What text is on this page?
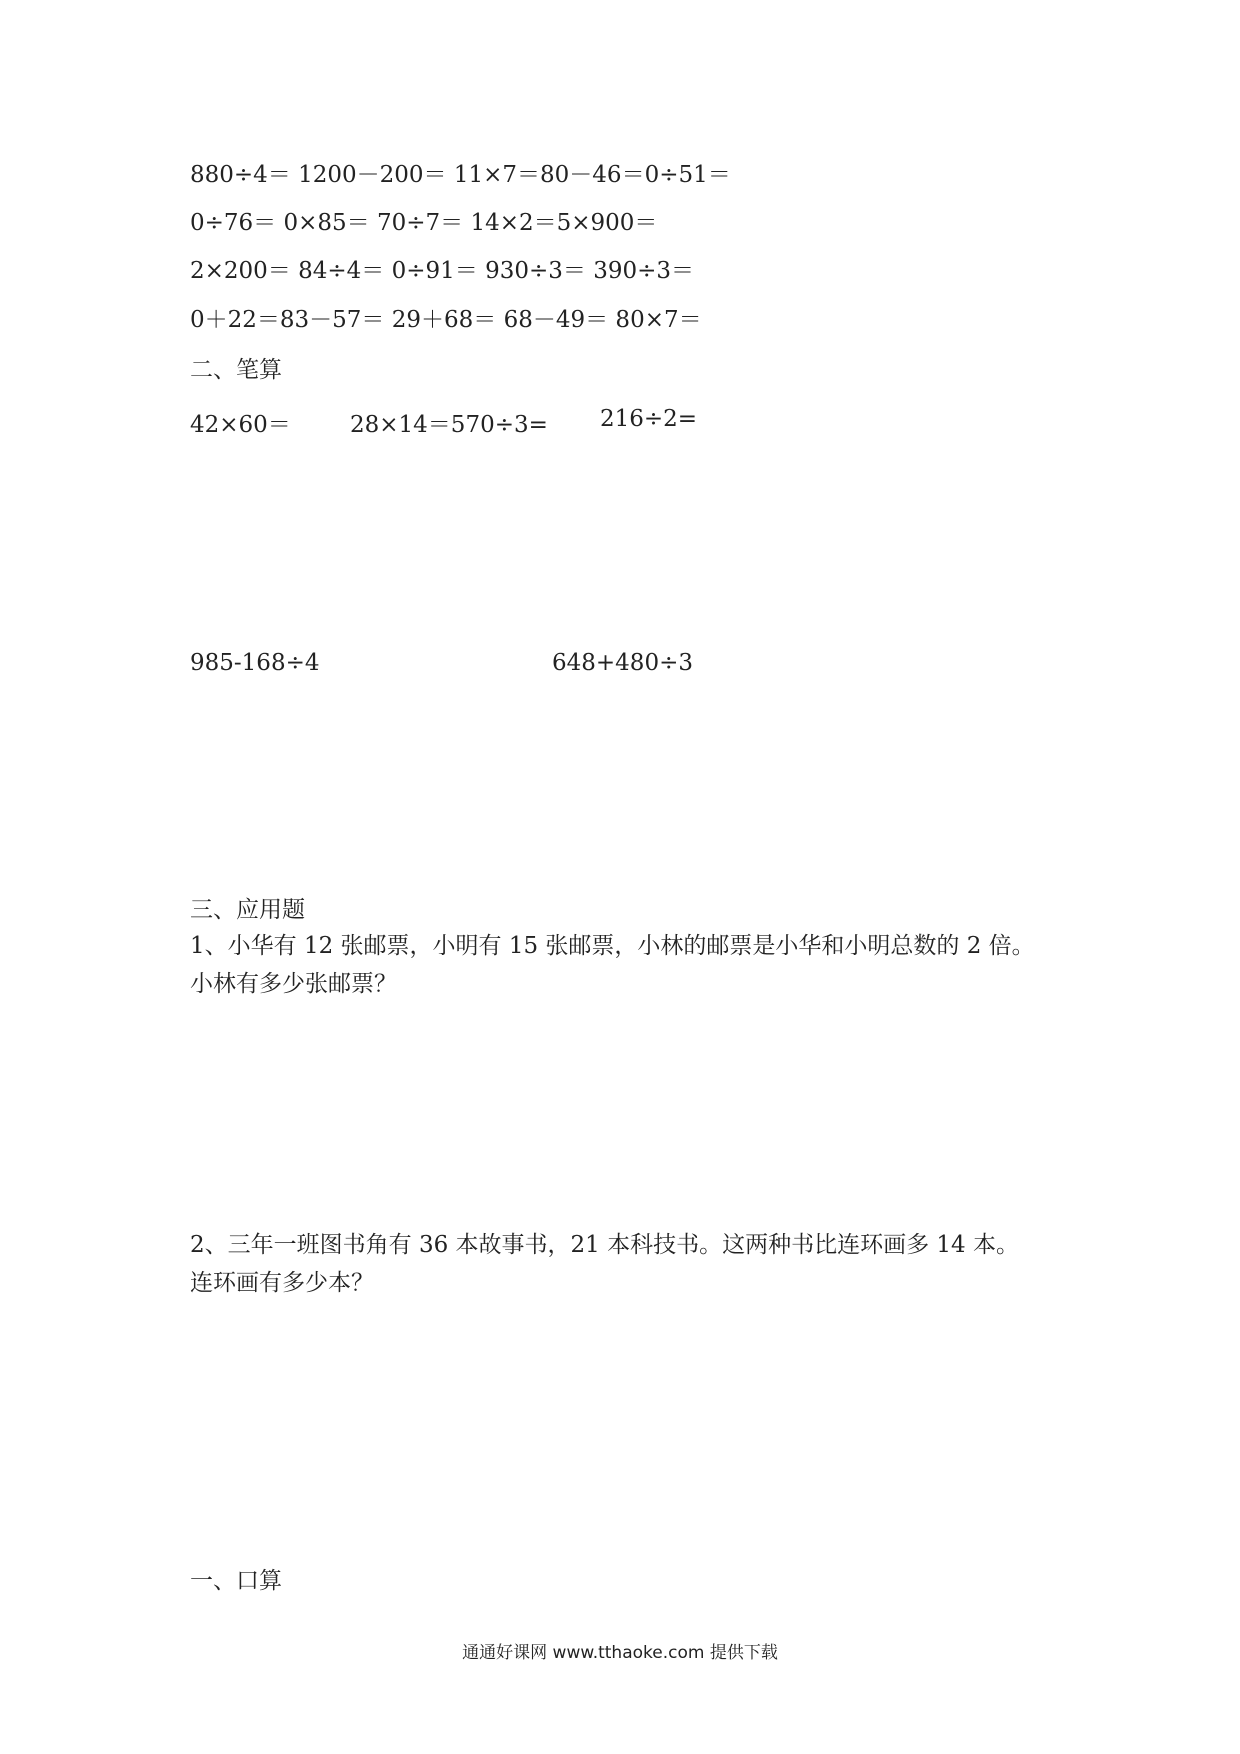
880÷4＝ 1200－200＝ 11×7＝80－46＝0÷51＝
0÷76＝ 0×85＝ 70÷7＝ 14×2＝5×900＝
2×200＝ 84÷4＝ 0÷91＝ 930÷3＝ 390÷3＝
0＋22＝83－57＝ 29＋68＝ 68－49＝ 80×7＝
二、笔算
42×60＝	28×14＝570÷3= 216÷2=
985-168÷4	648+480÷3
三、应用题
1、小华有 12 张邮票，小明有 15 张邮票，小林的邮票是小华和小明总数的 2 倍。
小林有多少张邮票？
2、三年一班图书角有 36 本故事书，21 本科技书。这两种书比连环画多 14 本。
连环画有多少本？
一、口算
通通好课网 www.tthaoke.com 提供下载
